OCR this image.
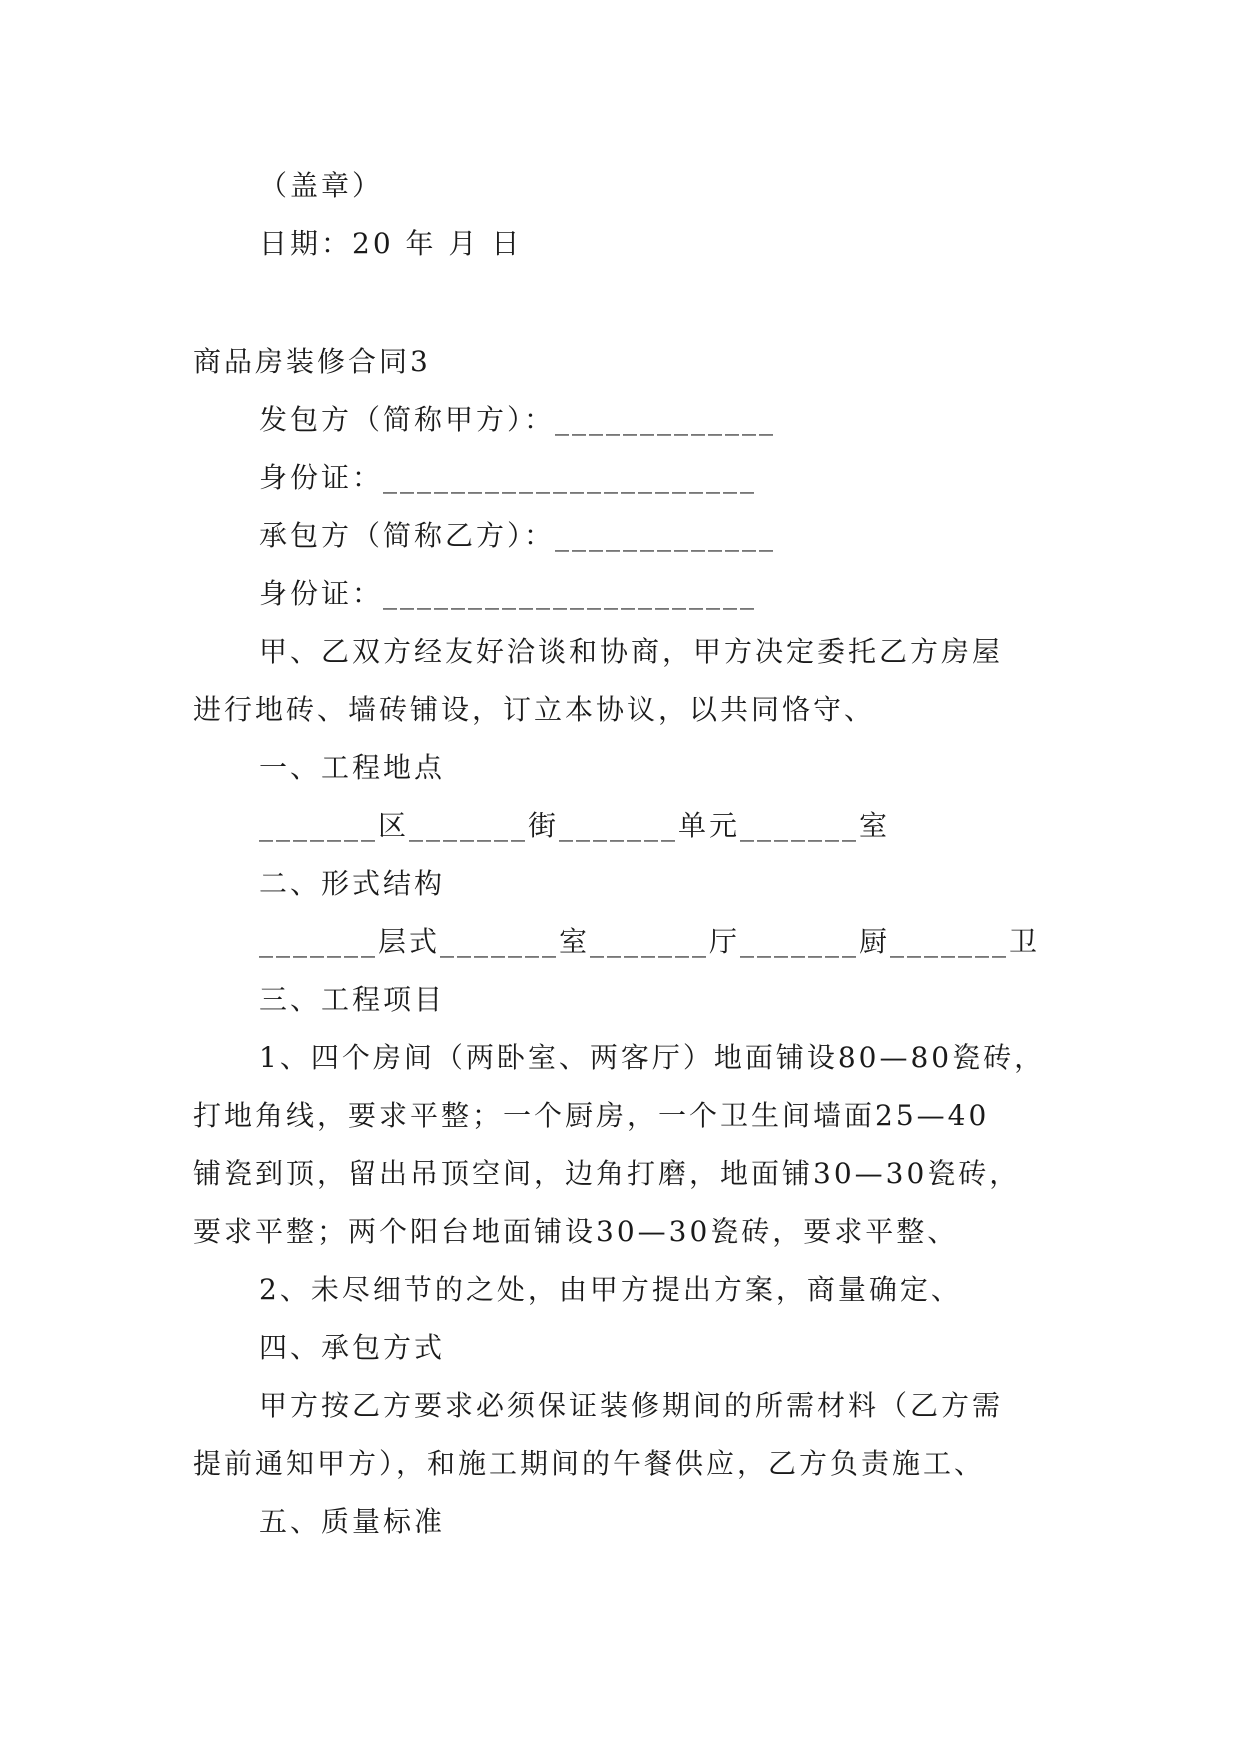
（盖章）
日期：20 年 月 日
商品房装修合同3
发包方（简称甲方）：_____________
身份证：______________________
承包方（简称乙方）：_____________
身份证：______________________
甲、乙双方经友好洽谈和协商，甲方决定委托乙方房屋
进行地砖、墙砖铺设，订立本协议，以共同恪守、
一、工程地点
_______区_______街_______单元_______室
二、形式结构
_______层式_______室_______厅_______厨_______卫
三、工程项目
1、四个房间（两卧室、两客厅）地面铺设80—80瓷砖，
打地角线，要求平整；一个厨房，一个卫生间墙面25—40
铺瓷到顶，留出吊顶空间，边角打磨，地面铺30—30瓷砖，
要求平整；两个阳台地面铺设30—30瓷砖，要求平整、
2、未尽细节的之处，由甲方提出方案，商量确定、
四、承包方式
甲方按乙方要求必须保证装修期间的所需材料（乙方需
提前通知甲方），和施工期间的午餐供应，乙方负责施工、
五、质量标准
